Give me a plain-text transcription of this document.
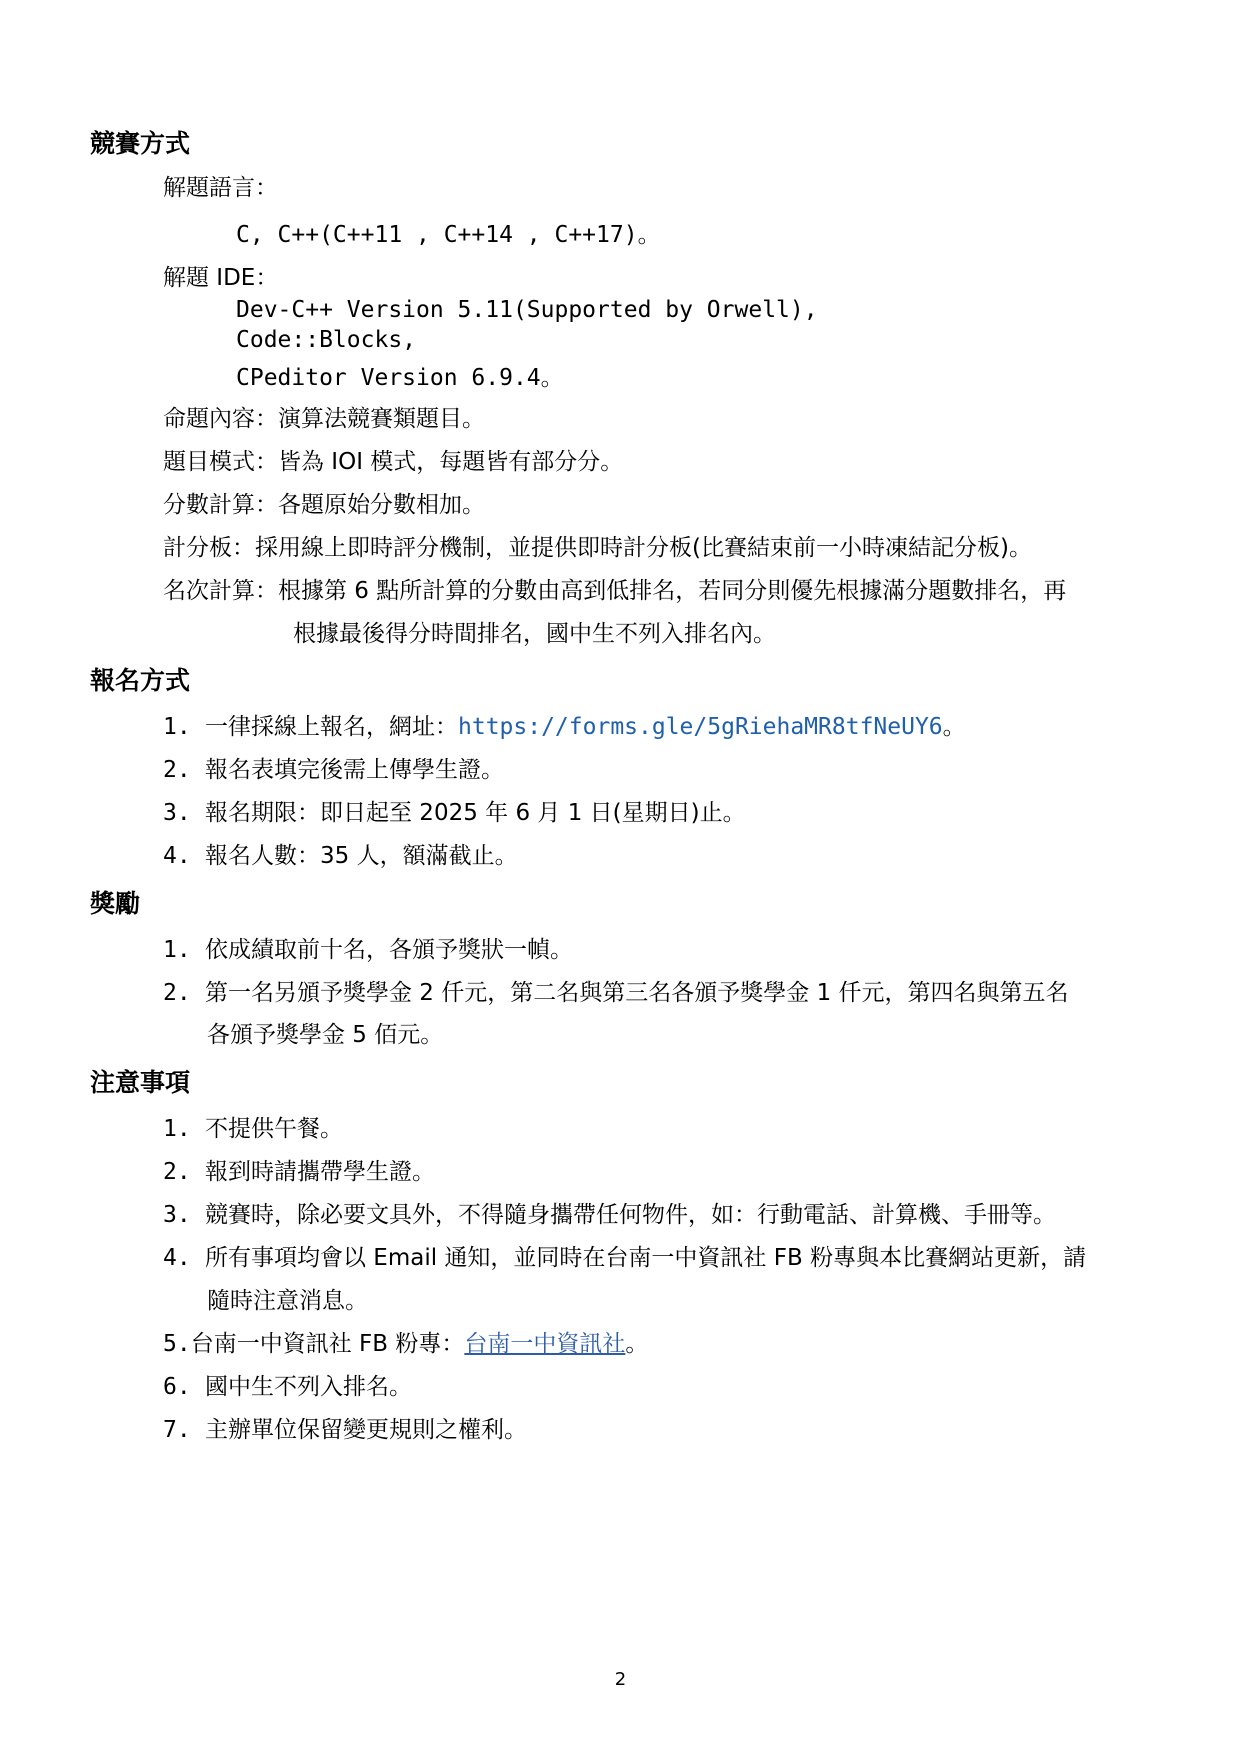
競賽方式
解題語言：
C, C++(C++11 , C++14 , C++17)。
解題 IDE：
Dev-C++ Version 5.11(Supported by Orwell),
Code::Blocks,
CPeditor Version 6.9.4。
命題內容：演算法競賽類題目。
題目模式：皆為 IOI 模式，每題皆有部分分。
分數計算：各題原始分數相加。
計分板：採用線上即時評分機制，並提供即時計分板(比賽結束前一小時凍結記分板)。
名次計算：根據第 6 點所計算的分數由高到低排名，若同分則優先根據滿分題數排名，再
根據最後得分時間排名，國中生不列入排名內。
報名方式
1. 一律採線上報名，網址：https://forms.gle/5gRiehaMR8tfNeUY6。
2. 報名表填完後需上傳學生證。
3. 報名期限：即日起至 2025 年 6 月 1 日(星期日)止。
4. 報名人數：35 人，額滿截止。
獎勵
1. 依成績取前十名，各頒予獎狀一幀。
2. 第一名另頒予獎學金 2 仟元，第二名與第三名各頒予獎學金 1 仟元，第四名與第五名
各頒予獎學金 5 佰元。
注意事項
1. 不提供午餐。
2. 報到時請攜帶學生證。
3. 競賽時，除必要文具外，不得隨身攜帶任何物件，如：行動電話、計算機、手冊等。
4. 所有事項均會以 Email 通知，並同時在台南一中資訊社 FB 粉專與本比賽網站更新，請
隨時注意消息。
5.台南一中資訊社 FB 粉專：台南一中資訊社。
6. 國中生不列入排名。
7. 主辦單位保留變更規則之權利。
2
